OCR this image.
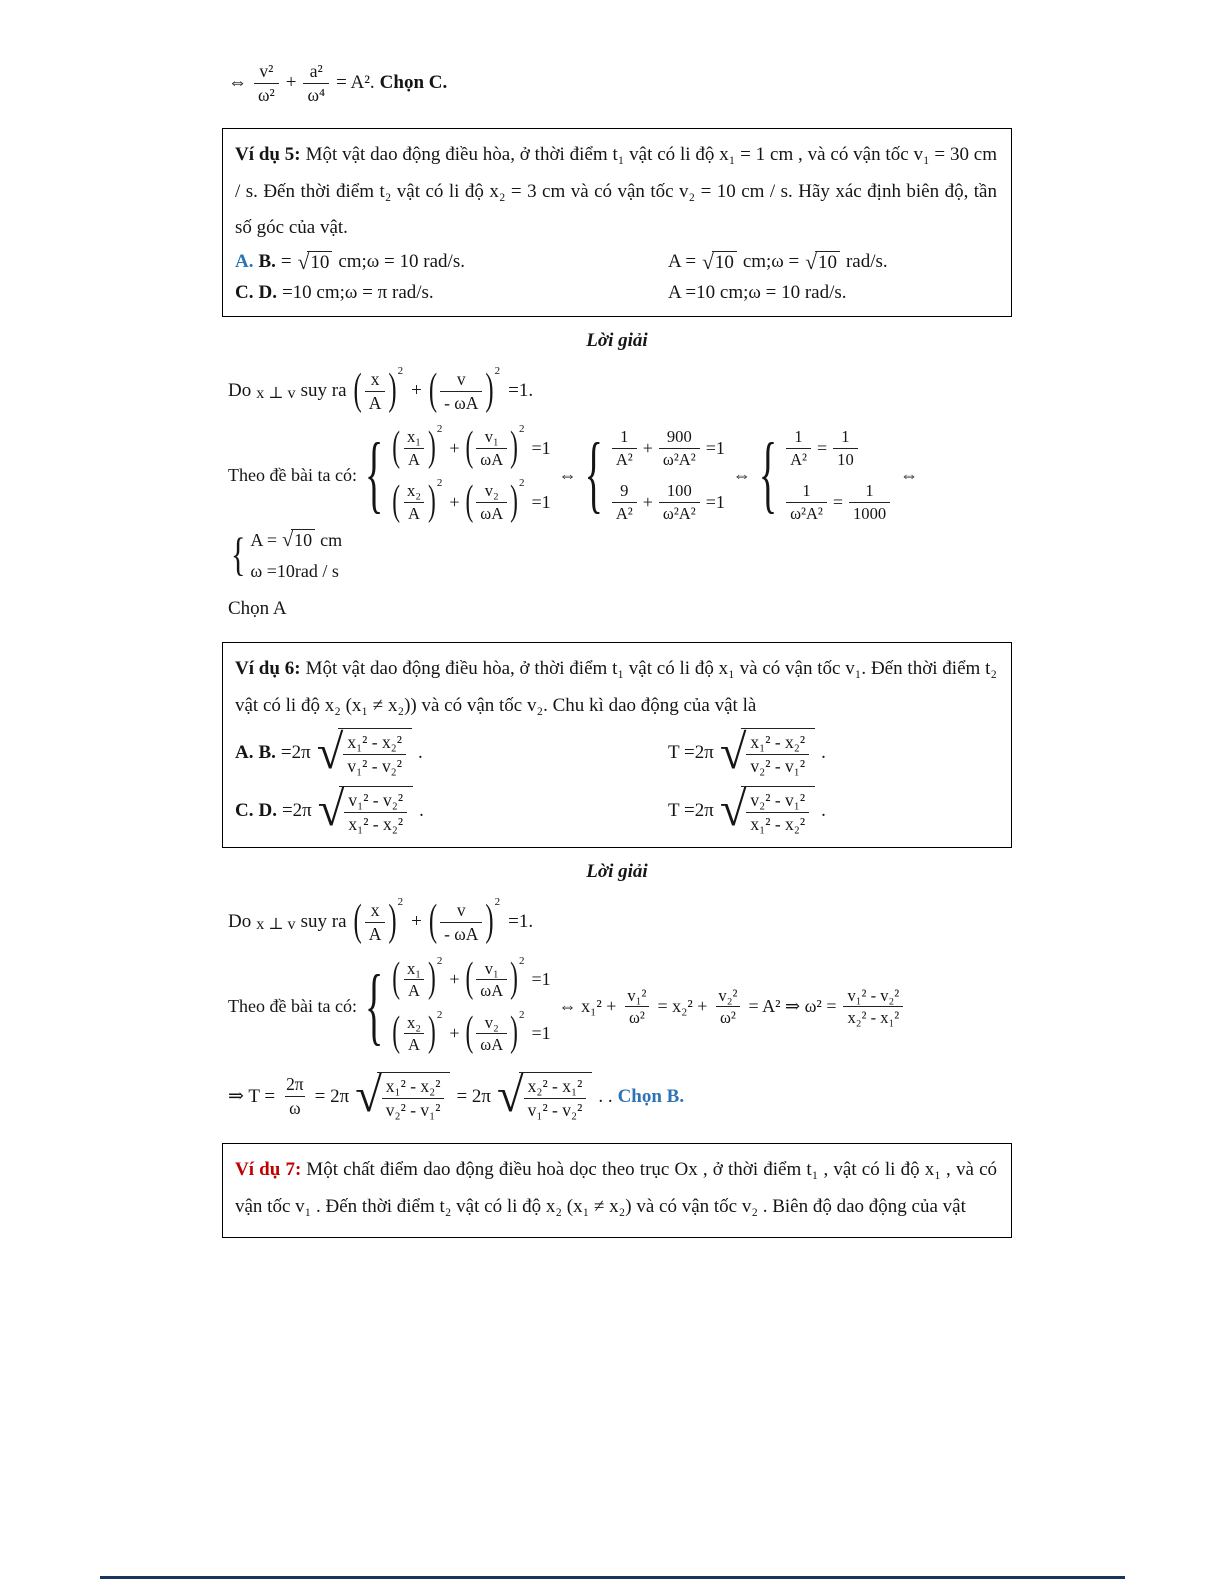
⇔ $\frac{\text{v²}}{\text{ω²}} + \frac{\text{a²}}{\text{ω⁴}} = A^2$. Chọn C.

Ví dụ 5: Một vật dao động điều hòa, ở thời điểm t₁ vật có li độ x₁ = 1 cm , và có vận tốc v₁ = 30 cm / s. Đến thời điểm t₂ vật có li độ x₂ = 3 cm và có vận tốc v₂ = 10 cm / s. Hãy xác định biên độ, tần số góc của vật.

A. B. = √ 10 cm;ω = 10 rad/s.	A = √ 10 cm;ω = √ 10 rad/s.
C. D. =10 cm;ω = π rad/s.	A =10 cm;ω = 10 rad/s.
Lời giải
Do x ⊥ v suy ra ( $\frac{x}{A}$ ) 2
+ ( $\frac{v}{- \omega A}$ ) 2
=1.
Theo đề bài ta có:
{
(
$\frac{\text{x₁}}{A}$ ) 2
+ ( $\frac{\text{v₁}}{\omega A}$ ) 2
=1
(
$\frac{\text{x₂}}{A}$ ) 2
+ ( $\frac{\text{v₂}}{\omega A}$ ) 2
=1
⇔
{
$\frac{1}{\text{A²}} + \frac{900}{\text{ω²A²}} =1$
$\frac{9}{\text{A²}} + \frac{100}{\text{ω²A²}} =1$
⇔
{
$\frac{1}{\text{A²}} = \frac{1}{10}$
$\frac{1}{\text{ω²A²}} = \frac{1}{1000}$
⇔
{
A = √ 10 cm
ω =10rad / s
Chọn A

Ví dụ 6: Một vật dao động điều hòa, ở thời điểm t₁ vật có li độ x₁ và có vận tốc v₁. Đến thời điểm t₂ vật có li độ x₂ (x₁ ≠ x₂)) và có vận tốc v₂. Chu kì dao động của vật là

A. B. =2π √ $\frac{\text{x₁² - x₂²}}{\text{v₁² - v₂²}}$ .	T =2π √ $\frac{\text{x₁² - x₂²}}{\text{v₂² - v₁²}}$ .
C. D. =2π √ $\frac{\text{v₁² - v₂²}}{\text{x₁² - x₂²}}$ .	T =2π √ $\frac{\text{v₂² - v₁²}}{\text{x₁² - x₂²}}$ .
Lời giải
Do x ⊥ v suy ra ( $\frac{x}{A}$ ) 2
+ ( $\frac{v}{- \omega A}$ ) 2
=1.
Theo đề bài ta có:
{
(
$\frac{\text{x₁}}{A}$ ) 2
+ ( $\frac{\text{v₁}}{\omega A}$ ) 2
=1
(
$\frac{\text{x₂}}{A}$ ) 2
+ ( $\frac{\text{v₂}}{\omega A}$ ) 2
=1
⇔ $x_1^2 + \frac{\text{v₁²}}{\text{ω²}} = x_2^2 + \frac{\text{v₂²}}{\text{ω²}} = A^2$ ⇒ $\omega^2 = \frac{\text{v₁² - v₂²}}{\text{x₂² - x₁²}}$
⇒ $T = \frac{2\pi}{\omega} = 2\pi$ √ $\frac{\text{x₁² - x₂²}}{\text{v₂² - v₁²}} = 2\pi$ √ $\frac{\text{x₂² - x₁²}}{\text{v₁² - v₂²}}$ . . Chọn B.

Ví dụ 7: Một chất điểm dao động điều hoà dọc theo trục Ox , ở thời điểm t₁ , vật có li độ x₁ , và có vận tốc v₁ . Đến thời điểm t₂ vật có li độ x₂ (x₁ ≠ x₂) và có vận tốc v₂ . Biên độ dao động của vật
